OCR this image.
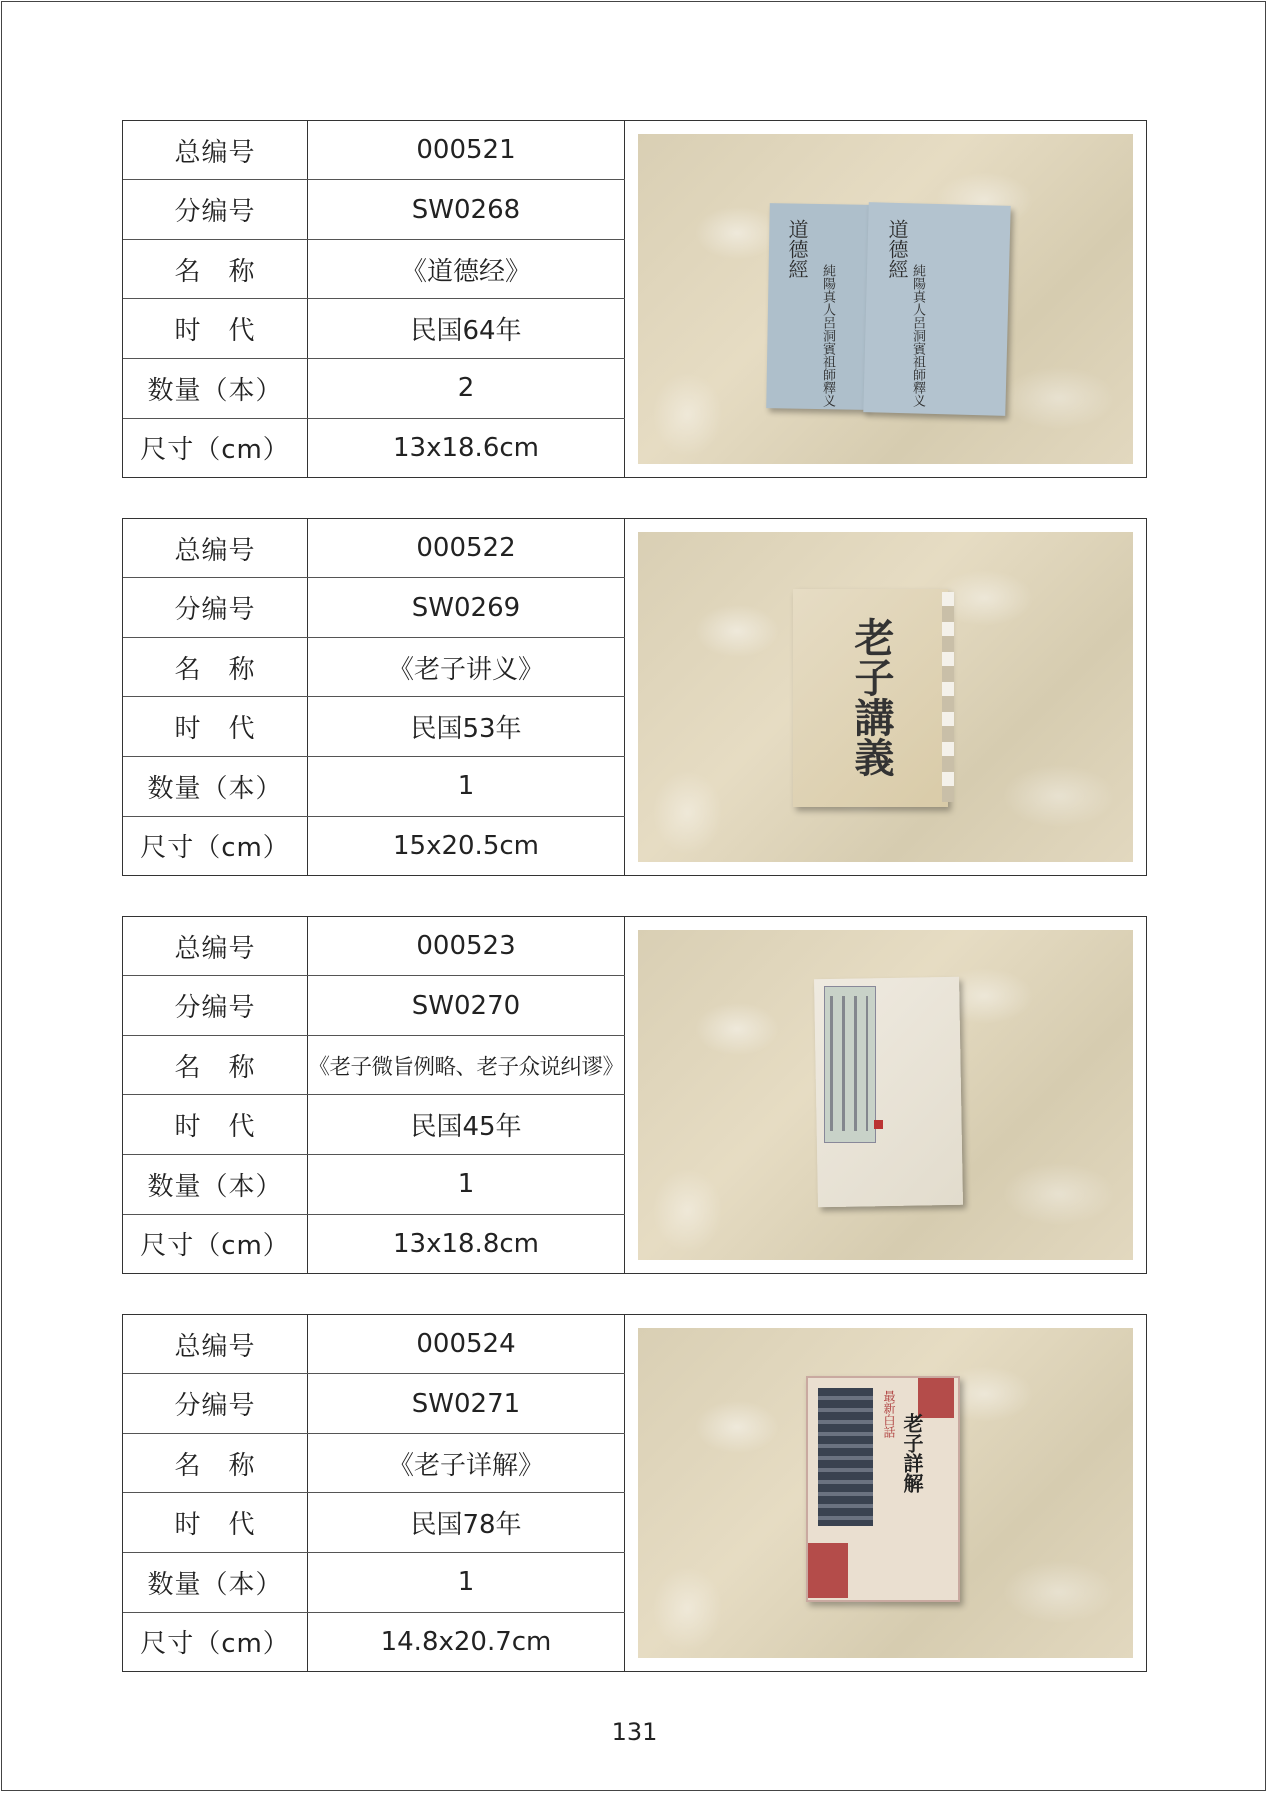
总编号	000521
分编号	SW0268
名　称	《道德经》
时　代	民国64年
数量（本）	2
尺寸（cm）	13x18.6cm
道德經	道德經
純陽真人呂洞賓祖師釋义	純陽真人呂洞賓祖師釋义
总编号	000522
分编号	SW0269
名　称	《老子讲义》
时　代	民国53年
数量（本）	1
尺寸（cm）	15x20.5cm
老子講義
总编号	000523
分编号	SW0270
名　称	《老子微旨例略、老子众说纠谬》
时　代	民国45年
数量（本）	1
尺寸（cm）	13x18.8cm
总编号	000524
分编号	SW0271
名　称	《老子详解》
时　代	民国78年
数量（本）	1
尺寸（cm）	14.8x20.7cm
最新白話 老子詳解
131
